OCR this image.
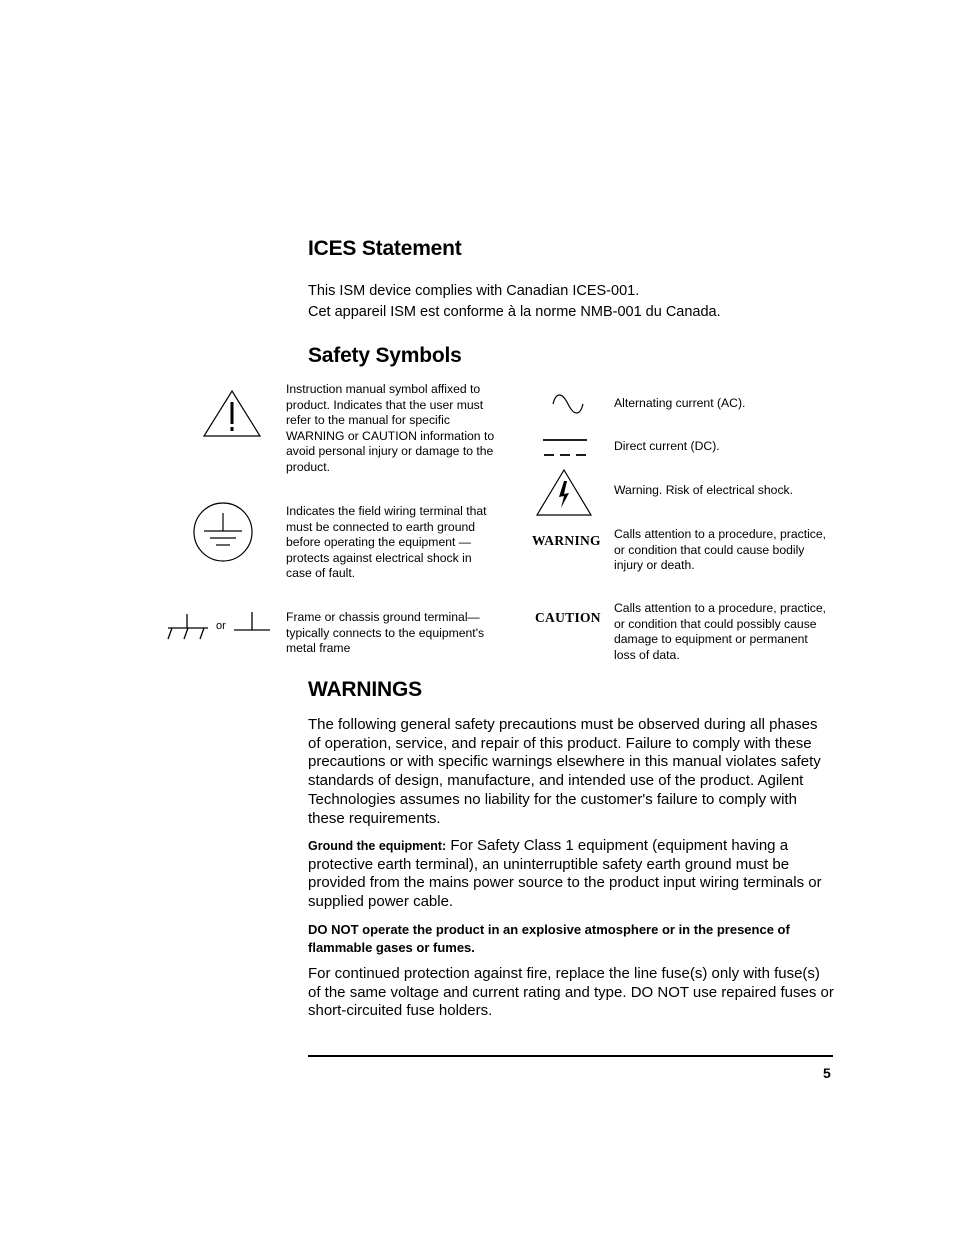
ICES Statement

This ISM device complies with Canadian ICES-001.

Cet appareil ISM est conforme à la norme NMB-001 du Canada.

Safety Symbols

Instruction manual symbol affixed to product. Indicates that the user must refer to the manual for specific WARNING or CAUTION information to avoid personal injury or damage to the product.

Indicates the field wiring terminal that must be connected to earth ground before operating the equipment — protects against electrical shock in case of fault.

or

Frame or chassis ground terminal—typically connects to the equipment's metal frame

Alternating current (AC).

Direct current (DC).

Warning. Risk of electrical shock.

WARNING Calls attention to a procedure, practice, or condition that could cause bodily injury or death.

CAUTION

Calls attention to a procedure, practice, or condition that could possibly cause damage to equipment or permanent loss of data.

WARNINGS

The following general safety precautions must be observed during all phases of operation, service, and repair of this product. Failure to comply with these precautions or with specific warnings elsewhere in this manual violates safety standards of design, manufacture, and intended use of the product. Agilent Technologies assumes no liability for the customer's failure to comply with these requirements.

Ground the equipment: For Safety Class 1 equipment (equipment having a protective earth terminal), an uninterruptible safety earth ground must be provided from the mains power source to the product input wiring terminals or supplied power cable.

DO NOT operate the product in an explosive atmosphere or in the presence of flammable gases or fumes.

For continued protection against fire, replace the line fuse(s) only with fuse(s) of the same voltage and current rating and type. DO NOT use repaired fuses or short-circuited fuse holders.

5
